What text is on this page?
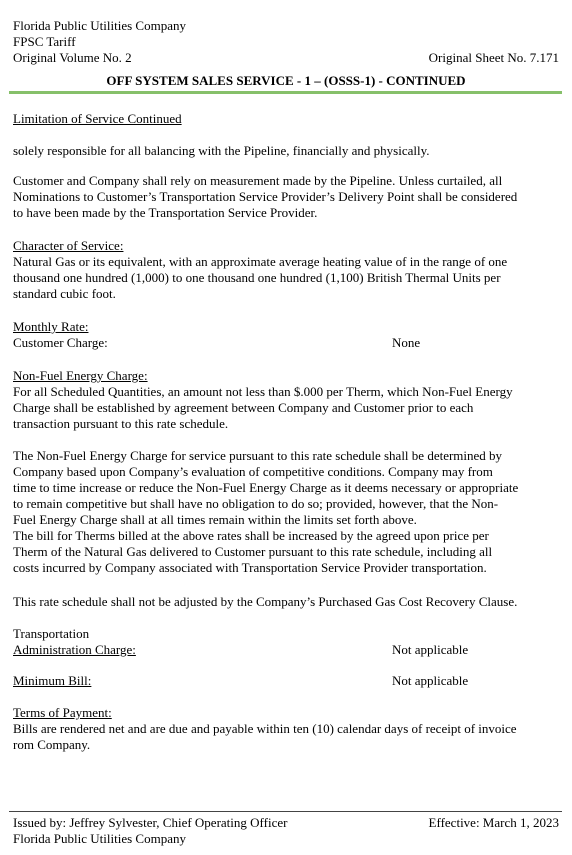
Florida Public Utilities Company
FPSC Tariff
Original Volume No. 2	Original Sheet No. 7.171
OFF SYSTEM SALES SERVICE - 1 – (OSSS-1) - CONTINUED
Limitation of Service Continued
solely responsible for all balancing with the Pipeline, financially and physically.

Customer and Company shall rely on measurement made by the Pipeline. Unless curtailed, all

Nominations to Customer’s Transportation Service Provider’s Delivery Point shall be considered

to have been made by the Transportation Service Provider.

Character of Service:

Natural Gas or its equivalent, with an approximate average heating value of in the range of one

thousand one hundred (1,000) to one thousand one hundred (1,100) British Thermal Units per

standard cubic foot.

Monthly Rate:

Customer Charge:	None

Non-Fuel Energy Charge:

For all Scheduled Quantities, an amount not less than $.000 per Therm, which Non-Fuel Energy

Charge shall be established by agreement between Company and Customer prior to each

transaction pursuant to this rate schedule.

The Non-Fuel Energy Charge for service pursuant to this rate schedule shall be determined by

Company based upon Company’s evaluation of competitive conditions. Company may from

time to time increase or reduce the Non-Fuel Energy Charge as it deems necessary or appropriate

to remain competitive but shall have no obligation to do so; provided, however, that the Non-

Fuel Energy Charge shall at all times remain within the limits set forth above.

The bill for Therms billed at the above rates shall be increased by the agreed upon price per

Therm of the Natural Gas delivered to Customer pursuant to this rate schedule, including all

costs incurred by Company associated with Transportation Service Provider transportation.

This rate schedule shall not be adjusted by the Company’s Purchased Gas Cost Recovery Clause.

Transportation

Administration Charge:	Not applicable
Minimum Bill:	Not applicable

Terms of Payment:

Bills are rendered net and are due and payable within ten (10) calendar days of receipt of invoice

rom Company.

Issued by: Jeffrey Sylvester, Chief Operating Officer	Effective: March 1, 2023
Florida Public Utilities Company
